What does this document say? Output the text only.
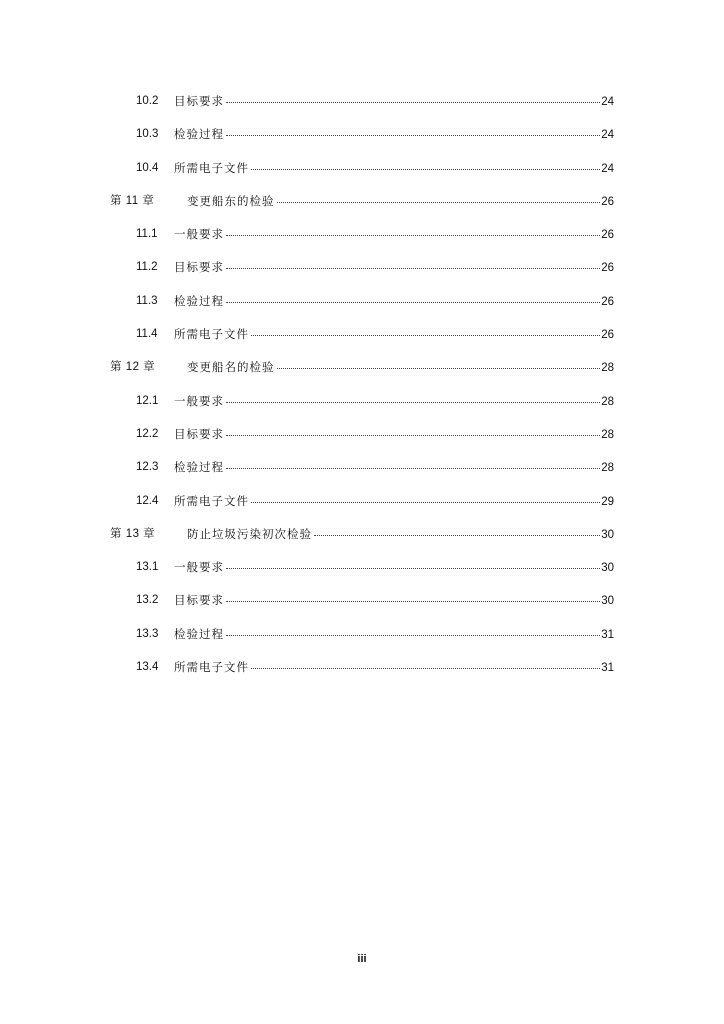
10.2 目标要求	24
10.3 检验过程	24
10.4 所需电子文件	24
第 11 章	变更船东的检验	26
11.1 一般要求	26
11.2 目标要求	26
11.3 检验过程	26
11.4 所需电子文件	26
第 12 章	变更船名的检验	28
12.1 一般要求	28
12.2 目标要求	28
12.3 检验过程	28
12.4 所需电子文件	29
第 13 章	防止垃圾污染初次检验	30
13.1 一般要求	30
13.2 目标要求	30
13.3 检验过程	31
13.4 所需电子文件	31
iii
